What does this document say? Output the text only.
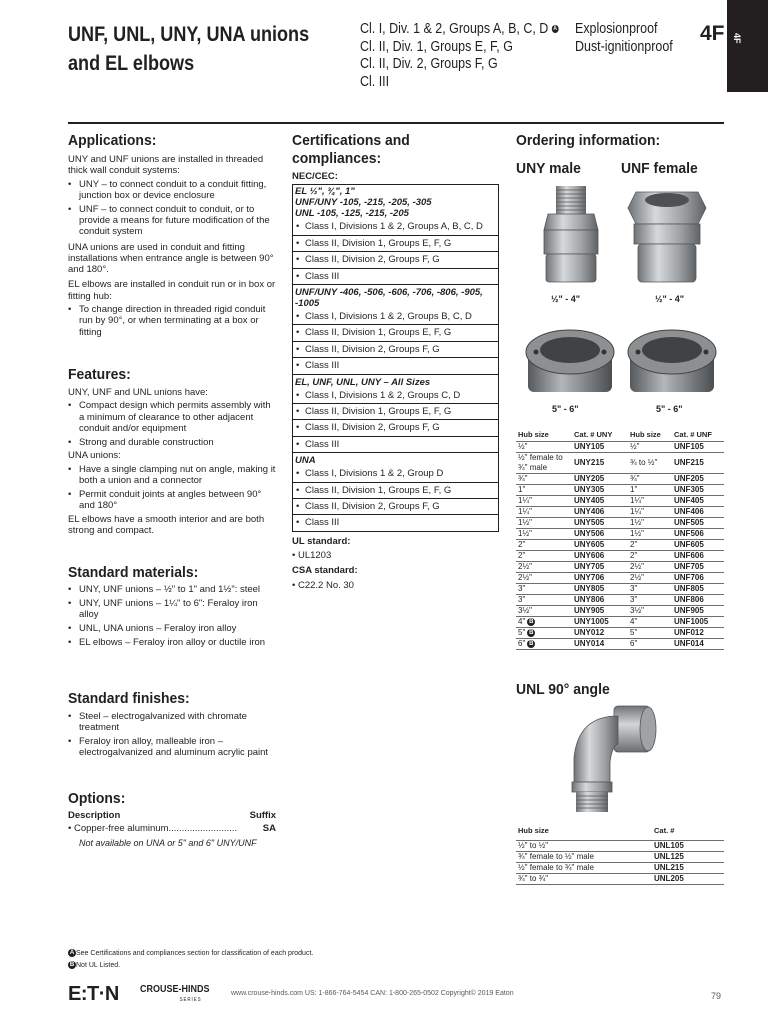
UNF, UNL, UNY, UNA unions
and EL elbows
Cl. I, Div. 1 & 2, Groups A, B, C, D A
Cl. II, Div. 1, Groups E, F, G
Cl. II, Div. 2, Groups F, G
Cl. III
Explosionproof
Dust-ignitionproof
4F 4F
Applications:

UNY and UNF unions are installed in threaded thick wall conduit systems:

• UNY – to connect conduit to a conduit fitting, junction box or device enclosure
• UNF – to connect conduit to conduit, or to provide a means for future modification of the conduit system

UNA unions are used in conduit and fitting installations when entrance angle is between 90° and 180°.

EL elbows are installed in conduit run or in box or fitting hub:

• To change direction in threaded rigid conduit run by 90°, or when terminating at a box or fitting
Features:

UNY, UNF and UNL unions have:

• Compact design which permits assembly with a minimum of clearance to other adjacent conduit and/or equipment
• Strong and durable construction

UNA unions:

• Have a single clamping nut on angle, making it both a union and a connector
• Permit conduit joints at angles between 90° and 180°

EL elbows have a smooth interior and are both strong and compact.

Standard materials:
• UNY, UNF unions – ½" to 1" and 1½": steel
• UNY, UNF unions – 1¼" to 6": Feraloy iron alloy
• UNL, UNA unions – Feraloy iron alloy
• EL elbows – Feraloy iron alloy or ductile iron
Standard finishes:
• Steel – electrogalvanized with chromate treatment
• Feraloy iron alloy, malleable iron – electrogalvanized and aluminum acrylic paint
Options:
Description	Suffix
• Copper-free aluminum..........................	SA

Not available on UNA or 5" and 6" UNY/UNF

Certifications and compliances:
NEC/CEC:
EL ½", ¾", 1"
UNF/UNY -105, -215, -205, -305
UNL -105, -125, -215, -205
• Class I, Divisions 1 & 2, Groups A, B, C, D
• Class II, Division 1, Groups E, F, G
• Class II, Division 2, Groups F, G
• Class III
UNF/UNY -406, -506, -606, -706, -806, -905, -1005
• Class I, Divisions 1 & 2, Groups B, C, D
• Class II, Division 1, Groups E, F, G
• Class II, Division 2, Groups F, G
• Class III
EL, UNF, UNL, UNY – All Sizes
• Class I, Divisions 1 & 2, Groups C, D
• Class II, Division 1, Groups E, F, G
• Class II, Division 2, Groups F, G
• Class III
UNA
• Class I, Divisions 1 & 2, Group D
• Class II, Division 1, Groups E, F, G
• Class II, Division 2, Groups F, G
• Class III
UL standard:
• UL1203
CSA standard:
• C22.2 No. 30
Ordering information:
UNY male	UNF female
½" - 4"	½" - 4"
5" - 6"	5" - 6"
Hub size	Cat. # UNY	Hub size	Cat. # UNF
½"	UNY105	½"	UNF105
½" female to ¾" male	UNY215	¾ to ½"	UNF215
¾"	UNY205	¾"	UNF205
1"	UNY305	1"	UNF305
1¼"	UNY405	1¼"	UNF405
1¼"	UNY406	1¼"	UNF406
1½"	UNY505	1½"	UNF505
1½"	UNY506	1½"	UNF506
2"	UNY605	2"	UNF605
2"	UNY606	2"	UNF606
2½"	UNY705	2½"	UNF705
2½"	UNY706	2½"	UNF706
3"	UNY805	3"	UNF805
3"	UNY806	3"	UNF806
3½"	UNY905	3½"	UNF905
4" B	UNY1005	4"	UNF1005
5" B	UNY012	5"	UNF012
6" B	UNY014	6"	UNF014
UNL 90° angle
Hub size	Cat. #
½" to ½"	UNL105
¾" female to ½" male	UNL125
½" female to ¾" male	UNL215
¾" to ¾"	UNL205
A See Certifications and compliances section for classification of each product.
B Not UL Listed.
E:T·N CROUSE-HINDS
SERIES
www.crouse-hinds.com US: 1-866-764-5454 CAN: 1-800-265-0502 Copyright© 2019 Eaton	79
